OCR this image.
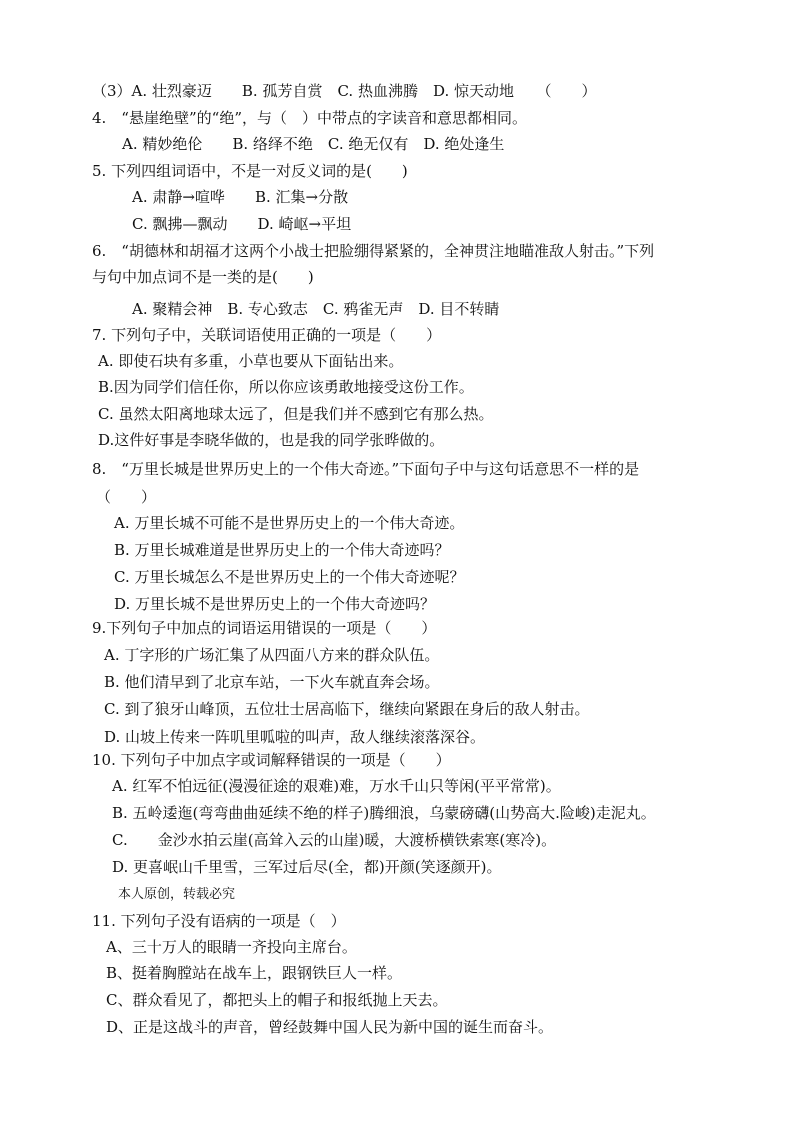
（3）A. 壮烈豪迈　　B. 孤芳自赏　C. 热血沸腾　D. 惊天动地　　（　　）
4.　“悬崖绝壁”的“绝”，与（　）中带点的字读音和意思都相同。
A. 精妙绝伦　　B. 络绎不绝　C. 绝无仅有　D. 绝处逢生
5. 下列四组词语中，不是一对反义词的是(　　)
A. 肃静→喧哗　　B. 汇集→分散
C. 飘拂—飘动　　D. 崎岖→平坦
6.　“胡德林和胡福才这两个小战士把脸绷得紧紧的，全神贯注地瞄准敌人射击。”下列
与句中加点词不是一类的是(　　)
A. 聚精会神　B. 专心致志　C. 鸦雀无声　D. 目不转睛
7. 下列句子中，关联词语使用正确的一项是（　　）
A. 即使石块有多重，小草也要从下面钻出来。
B.因为同学们信任你，所以你应该勇敢地接受这份工作。
C. 虽然太阳离地球太远了，但是我们并不感到它有那么热。
D.这件好事是李晓华做的，也是我的同学张晔做的。
8.　“万里长城是世界历史上的一个伟大奇迹。”下面句子中与这句话意思不一样的是
（　　）
A. 万里长城不可能不是世界历史上的一个伟大奇迹。
B. 万里长城难道是世界历史上的一个伟大奇迹吗？
C. 万里长城怎么不是世界历史上的一个伟大奇迹呢？
D. 万里长城不是世界历史上的一个伟大奇迹吗？
9.下列句子中加点的词语运用错误的一项是（　　）
A. 丁字形的广场汇集了从四面八方来的群众队伍。
B. 他们清早到了北京车站，一下火车就直奔会场。
C. 到了狼牙山峰顶，五位壮士居高临下，继续向紧跟在身后的敌人射击。
D. 山坡上传来一阵叽里呱啦的叫声，敌人继续滚落深谷。
10. 下列句子中加点字或词解释错误的一项是（　　）
A. 红军不怕远征(漫漫征途的艰难)难，万水千山只等闲(平平常常)。
B. 五岭逶迤(弯弯曲曲延续不绝的样子)腾细浪，乌蒙磅礴(山势高大.险峻)走泥丸。
C.　　金沙水拍云崖(高耸入云的山崖)暖，大渡桥横铁索寒(寒冷)。
D. 更喜岷山千里雪，三军过后尽(全，都)开颜(笑逐颜开)。
本人原创，转载必究
11. 下列句子没有语病的一项是（　）
A、三十万人的眼睛一齐投向主席台。
B、挺着胸膛站在战车上，跟钢铁巨人一样。
C、群众看见了，都把头上的帽子和报纸抛上天去。
D、正是这战斗的声音，曾经鼓舞中国人民为新中国的诞生而奋斗。
